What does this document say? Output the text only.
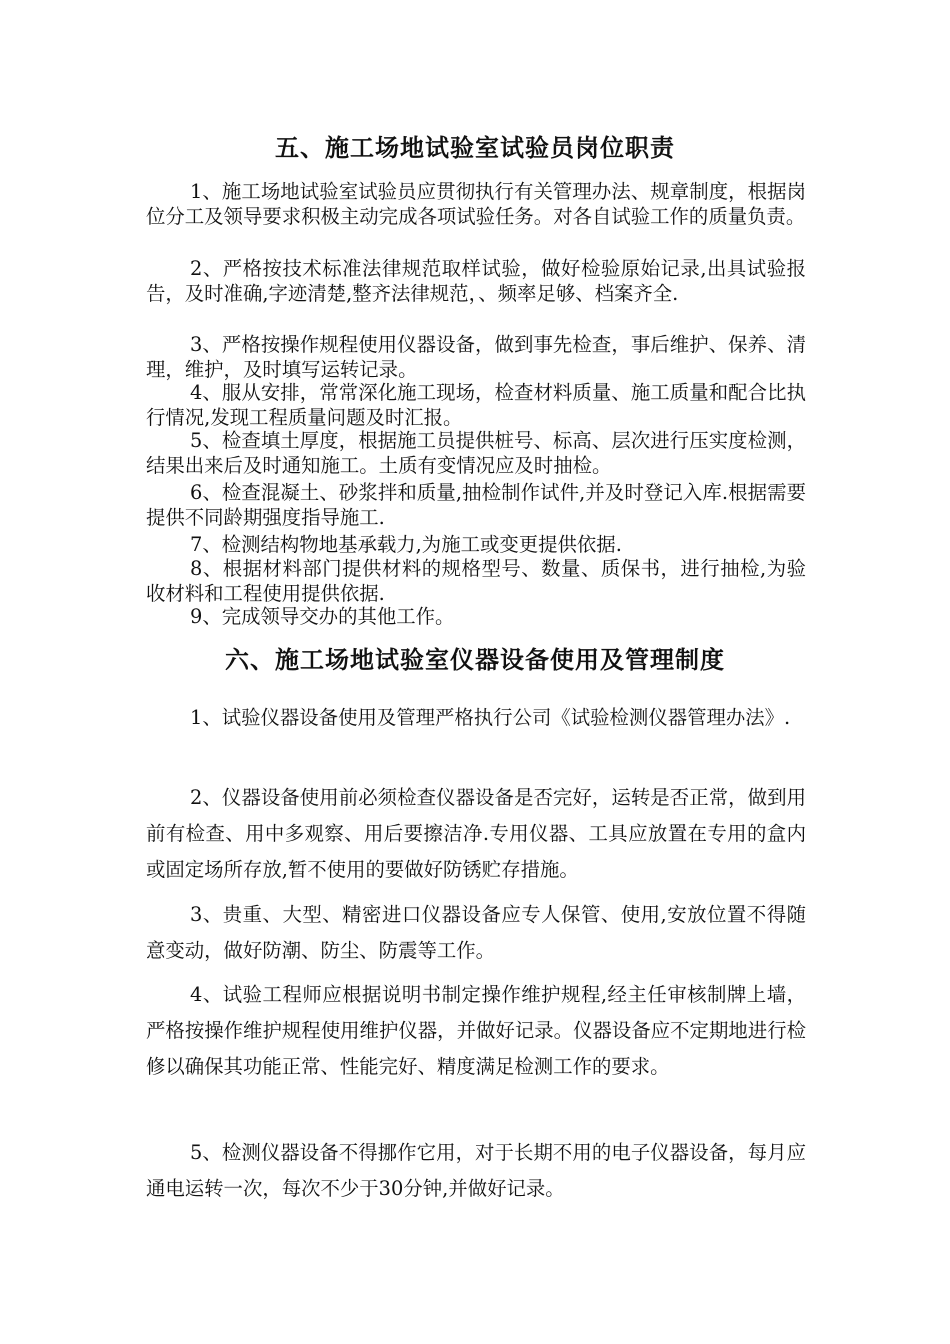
五、施工场地试验室试验员岗位职责

1、施工场地试验室试验员应贯彻执行有关管理办法、规章制度，根据岗位分工及领导要求积极主动完成各项试验任务。对各自试验工作的质量负责。

2、严格按技术标准法律规范取样试验，做好检验原始记录,出具试验报告，及时准确,字迹清楚,整齐法律规范，、频率足够、档案齐全.

3、严格按操作规程使用仪器设备，做到事先检查，事后维护、保养、清理，维护，及时填写运转记录。

4、服从安排，常常深化施工现场，检查材料质量、施工质量和配合比执行情况,发现工程质量问题及时汇报。

5、检查填土厚度，根据施工员提供桩号、标高、层次进行压实度检测，结果出来后及时通知施工。土质有变情况应及时抽检。

6、检查混凝土、砂浆拌和质量,抽检制作试件,并及时登记入库.根据需要提供不同龄期强度指导施工.

7、检测结构物地基承载力,为施工或变更提供依据.

8、根据材料部门提供材料的规格型号、数量、质保书，进行抽检,为验收材料和工程使用提供依据.

9、完成领导交办的其他工作。

六、施工场地试验室仪器设备使用及管理制度

1、试验仪器设备使用及管理严格执行公司《试验检测仪器管理办法》.

2、仪器设备使用前必须检查仪器设备是否完好，运转是否正常，做到用前有检查、用中多观察、用后要擦洁净.专用仪器、工具应放置在专用的盒内或固定场所存放,暂不使用的要做好防锈贮存措施。

3、贵重、大型、精密进口仪器设备应专人保管、使用,安放位置不得随意变动，做好防潮、防尘、防震等工作。

4、试验工程师应根据说明书制定操作维护规程,经主任审核制牌上墙，严格按操作维护规程使用维护仪器，并做好记录。仪器设备应不定期地进行检修以确保其功能正常、性能完好、精度满足检测工作的要求。

5、检测仪器设备不得挪作它用，对于长期不用的电子仪器设备，每月应通电运转一次，每次不少于30分钟,并做好记录。
